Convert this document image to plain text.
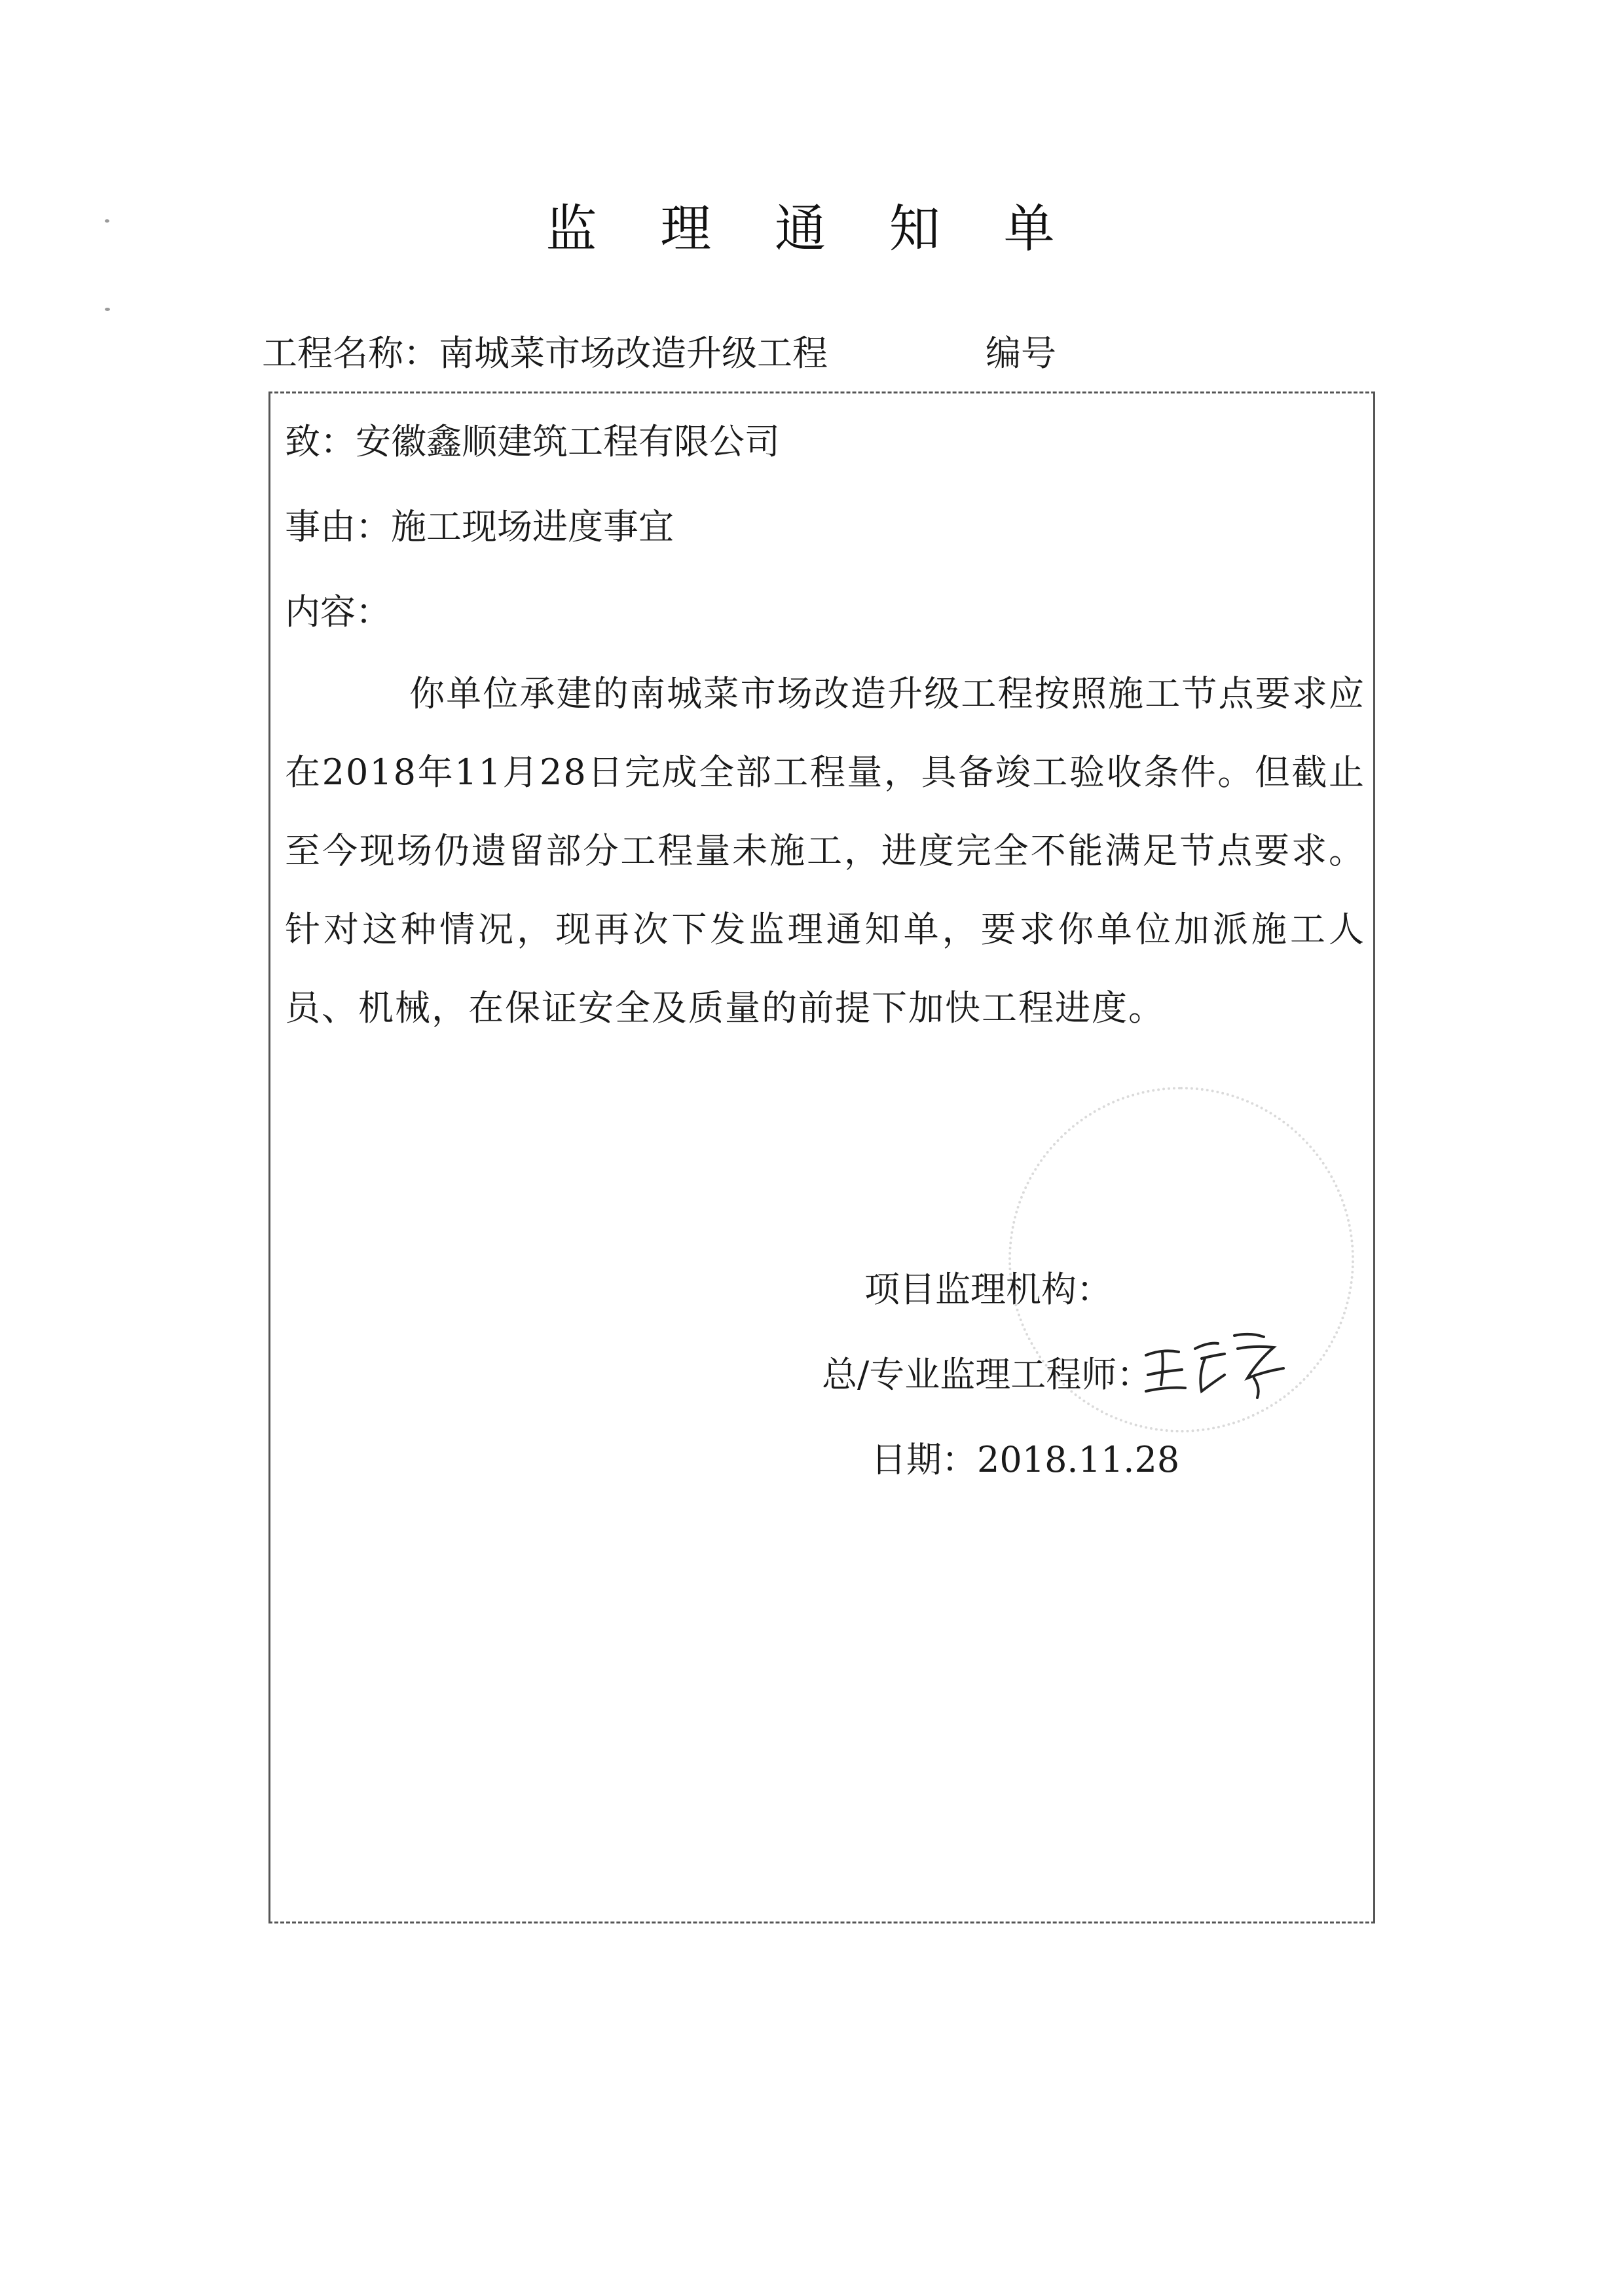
监 理 通 知 单
工程名称：南城菜市场改造升级工程	编号
致：安徽鑫顺建筑工程有限公司
事由：施工现场进度事宜
内容：
你单位承建的南城菜市场改造升级工程按照施工节点要求应在2018年11月28日完成全部工程量，具备竣工验收条件。但截止至今现场仍遗留部分工程量未施工，进度完全不能满足节点要求。针对这种情况，现再次下发监理通知单，要求你单位加派施工人员、机械，在保证安全及质量的前提下加快工程进度。
项目监理机构：
总/专业监理工程师：
日期：2018.11.28
